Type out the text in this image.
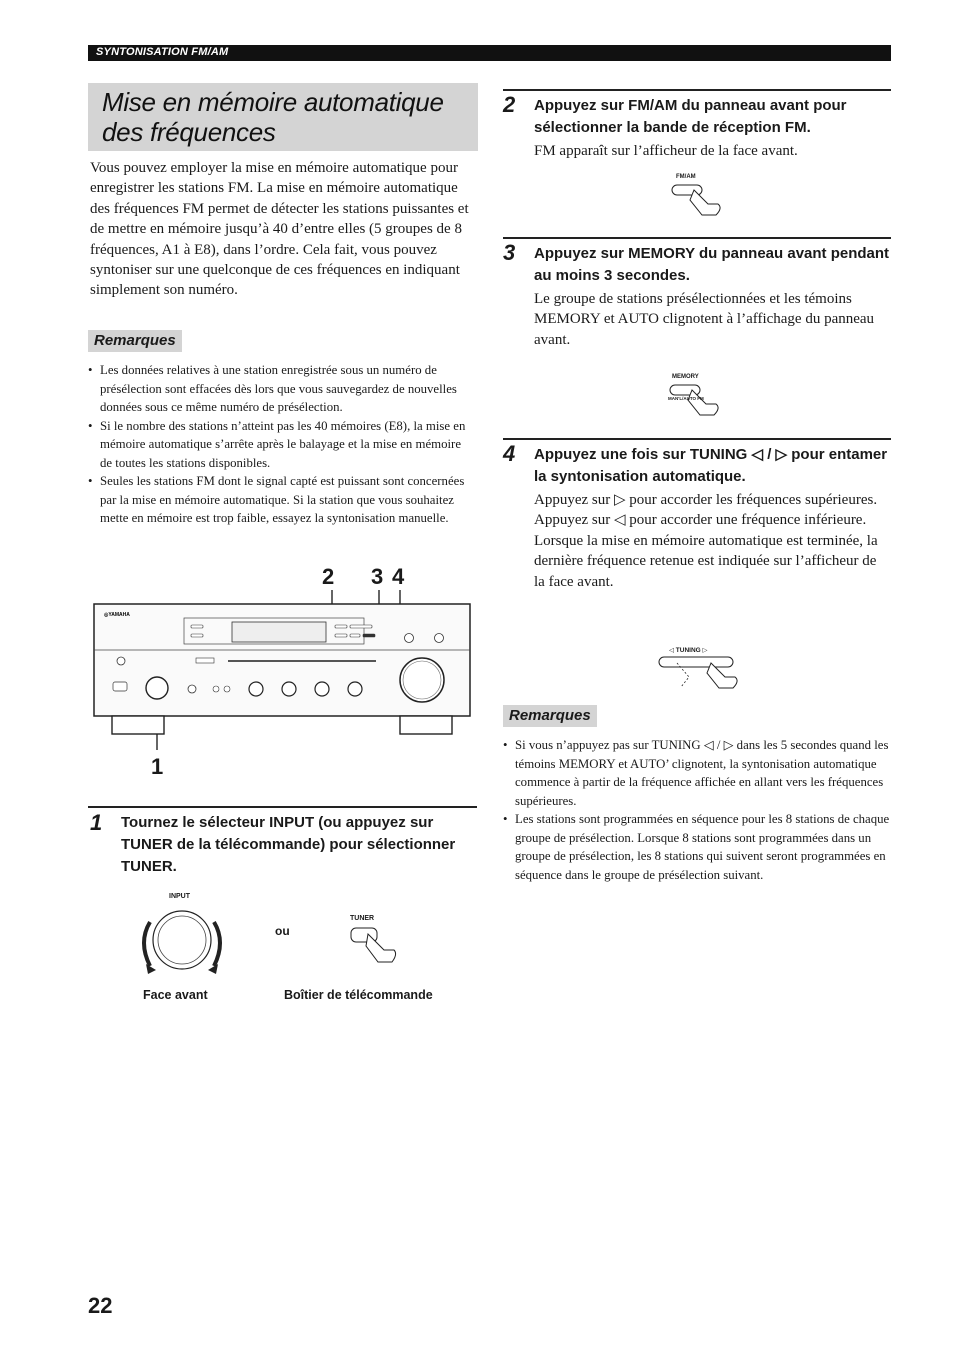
SYNTONISATION FM/AM
Mise en mémoire automatique des fréquences
Vous pouvez employer la mise en mémoire automatique pour enregistrer les stations FM. La mise en mémoire automatique des fréquences FM permet de détecter les stations puissantes et de mettre en mémoire jusqu’à 40 d’entre elles (5 groupes de 8 fréquences, A1 à E8), dans l’ordre. Cela fait, vous pouvez syntoniser sur une quelconque de ces fréquences en indiquant simplement son numéro.
Remarques
• Les données relatives à une station enregistrée sous un numéro de présélection sont effacées dès lors que vous sauvegardez de nouvelles données sous ce même numéro de présélection.
• Si le nombre des stations n’atteint pas les 40 mémoires (E8), la mise en mémoire automatique s’arrête après le balayage et la mise en mémoire de toutes les stations disponibles.
• Seules les stations FM dont le signal capté est puissant sont concernées par la mise en mémoire automatique. Si la station que vous souhaitez mette en mémoire est trop faible, essayez la syntonisation manuelle.
2 3 4
1
◎YAMAHA
1 Tournez le sélecteur INPUT (ou appuyez sur TUNER de la télécommande) pour sélectionner TUNER.
INPUT
ou
TUNER
Face avant	Boîtier de télécommande
2 Appuyez sur FM/AM du panneau avant pour sélectionner la bande de réception FM.
FM apparaît sur l’afficheur de la face avant.
FM/AM
3 Appuyez sur MEMORY du panneau avant pendant au moins 3 secondes.
Le groupe de stations présélectionnées et les témoins MEMORY et AUTO clignotent à l’affichage du panneau avant.
MEMORY
MAN'L/AUTO FM
4 Appuyez une fois sur TUNING ◁ / ▷ pour entamer la syntonisation automatique.
Appuyez sur ▷ pour accorder les fréquences supérieures.
Appuyez sur ◁ pour accorder une fréquence inférieure.
Lorsque la mise en mémoire automatique est terminée, la dernière fréquence retenue est indiquée sur l’afficheur de la face avant.
◁ TUNING ▷
Remarques
• Si vous n’appuyez pas sur TUNING ◁ / ▷ dans les 5 secondes quand les témoins MEMORY et AUTO’ clignotent, la syntonisation automatique commence à partir de la fréquence affichée en allant vers les fréquences supérieures.
• Les stations sont programmées en séquence pour les 8 stations de chaque groupe de présélection. Lorsque 8 stations sont programmées dans un groupe de présélection, les 8 stations qui suivent seront programmées en séquence dans le groupe de présélection suivant.
22
